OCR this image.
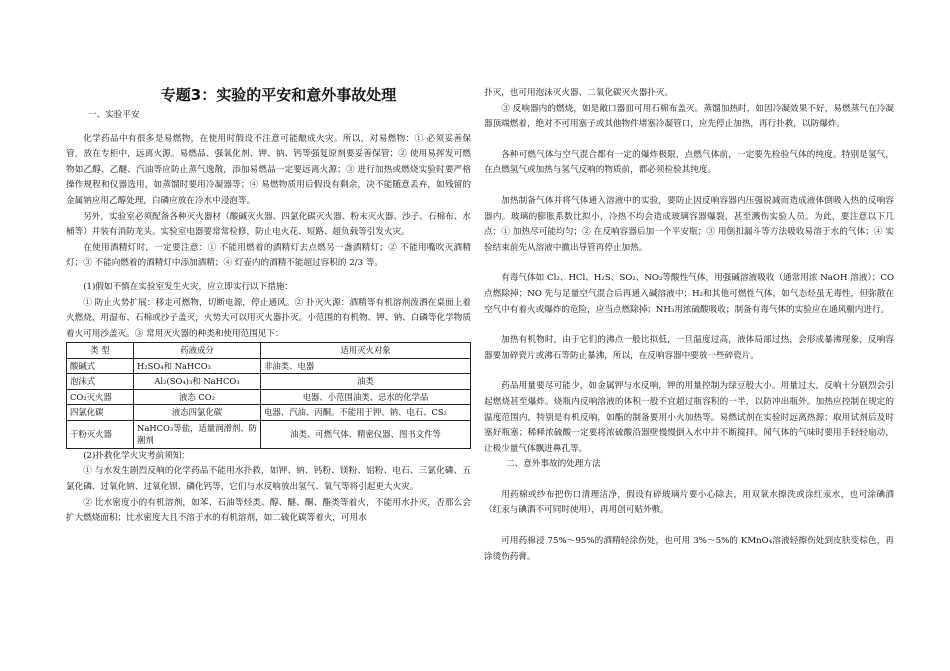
专题3：实验的平安和意外事故处理
一、实验平安

化学药品中有很多是易燃物，在使用时假设不注意可能酿成火灾。所以，对易燃物：① 必须妥善保管，放在专柜中，远离火源。易燃品、强氧化剂、钾、钠、钙等强复原剂要妥善保管；② 使用易挥发可燃物如乙醇、乙醚、汽油等应防止蒸气逸散，添加易燃品一定要远离火源；③ 进行加热或燃烧实验时要严格操作规程和仪器选用，如蒸馏时要用冷凝器等；④ 易燃物质用后假设有剩余，决不能随意丢弃，如残留的金属钠应用乙醇处理，白磷应放在冷水中浸泡等。

另外，实验室必须配备各种灭火器材（酸碱灭火器、四氯化碳灭火器、粉末灭火器、沙子、石棉布、水桶等）并装有消防龙头。实验室电器要常常检修，防止电火花、短路、超负载等引发火灾。

在使用酒精灯时，一定要注意：① 不能用燃着的酒精灯去点燃另一盏酒精灯；② 不能用嘴吹灭酒精灯；③ 不能向燃着的酒精灯中添加酒精；④ 灯壶内的酒精不能超过容积的 2/3 等。

(1)假如不慎在实验室发生火灾，应立即实行以下措施：

① 防止火势扩展：移走可燃物，切断电源，停止通风。② 扑灭火源：酒精等有机溶剂泼洒在桌面上着火燃烧，用湿布、石棉或沙子盖灭，火势大可以用灭火器扑灭。小范围的有机物、钾、钠、白磷等化学物质着火可用沙盖灭。③ 常用灭火器的种类和使用范围见下：

类 型	药液成分	适用灭火对象
酸碱式	H₂SO₄和 NaHCO₃	非油类、电器
泡沫式	Al₂(SO₄)₃和 NaHCO₃	油类
CO₂灭火器	液态 CO₂	电器、小范围油类、忌水的化学品
四氯化碳	液态四氯化碳	电器、汽油、丙酮。不能用于钾、钠、电石、CS₂
干粉灭火器	NaHCO₃等盐，适量润滑剂、防潮剂	油类、可燃气体、精密仪器、图书文件等

(2)扑救化学火灾考前须知：

① 与水发生剧烈反响的化学药品不能用水扑救，如钾、钠、钙粉、镁粉、铝粉、电石、三氯化磷、五氯化磷、过氧化钠、过氧化钡、磷化钙等，它们与水反响放出氢气、氧气等将引起更大火灾。

② 比水密度小的有机溶剂，如苯、石油等烃类、醇、醚、酮、酯类等着火，不能用水扑灭，否那么会扩大燃烧面积；比水密度大且不溶于水的有机溶剂，如二硫化碳等着火，可用水

扑灭，也可用泡沫灭火器、二氧化碳灭火器扑灭。

③ 反响器内的燃烧，如是敞口器皿可用石棉布盖灭。蒸馏加热时，如因冷凝效果不好，易燃蒸气在冷凝器顶端燃着，绝对不可用塞子或其他物件堵塞冷凝管口，应先停止加热，再行扑救，以防爆炸。

各种可燃气体与空气混合都有一定的爆炸极限，点燃气体前，一定要先检验气体的纯度。特别是氢气，在点燃氢气或加热与氢气反响的物质前，都必须检验其纯度。

加热制备气体并将气体通入溶液中的实验，要防止因反响容器内压强锐减而造成液体倒吸入热的反响容器内。玻璃的膨胀系数比拟小，冷热不均会造成玻璃容器爆裂，甚至溅伤实验人员。为此，要注意以下几点：① 加热尽可能均匀；② 在反响容器后加一个平安瓶；③ 用倒扣漏斗等方法吸收易溶于水的气体；④ 实验结束前先从溶液中撤出导管再停止加热。

有毒气体如 Cl₂、HCl、H₂S、SO₂、NO₂等酸性气体，用强碱溶液吸收（通常用浓 NaOH 溶液）；CO 点燃除掉；NO 先与足量空气混合后再通入碱溶液中；H₂和其他可燃性气体，如气态烃虽无毒性，但弥散在空气中有着火或爆炸的危险，应当点燃除掉；NH₃用浓硫酸吸收；制备有毒气体的实验应在通风橱内进行。

加热有机物时，由于它们的沸点一般比拟低，一旦温度过高，液体局部过热，会形成暴沸现象，反响容器要加碎瓷片或沸石等防止暴沸，所以，在反响容器中要放一些碎瓷片。

药品用量要尽可能少，如金属钾与水反响，钾的用量控制为绿豆般大小。用量过大，反响十分剧烈会引起燃烧甚至爆炸。烧瓶内反响溶液的体积一般不宜超过瓶容积的一半，以防冲出瓶外。加热应控制在规定的温度范围内，特别是有机反响，如酯的制备要用小火加热等。易燃试剂在实验时远离热源；取用试剂后及时塞好瓶塞；稀释浓硫酸一定要将浓硫酸沿器壁慢慢倒入水中并不断搅拌。闻气体的气味时要用手轻轻扇动，让极少量气体飘进鼻孔等。

二、意外事故的处理方法

用药棉或纱布把伤口清理洁净，假设有碎玻璃片要小心除去，用双氧水擦洗或涂红汞水，也可涂碘酒（红汞与碘酒不可同时使用），再用创可贴外敷。

可用药棉浸 75%～95%的酒精轻涂伤处，也可用 3%～5%的 KMnO₄溶液轻擦伤处到皮肤变棕色，再涂烫伤药膏。
